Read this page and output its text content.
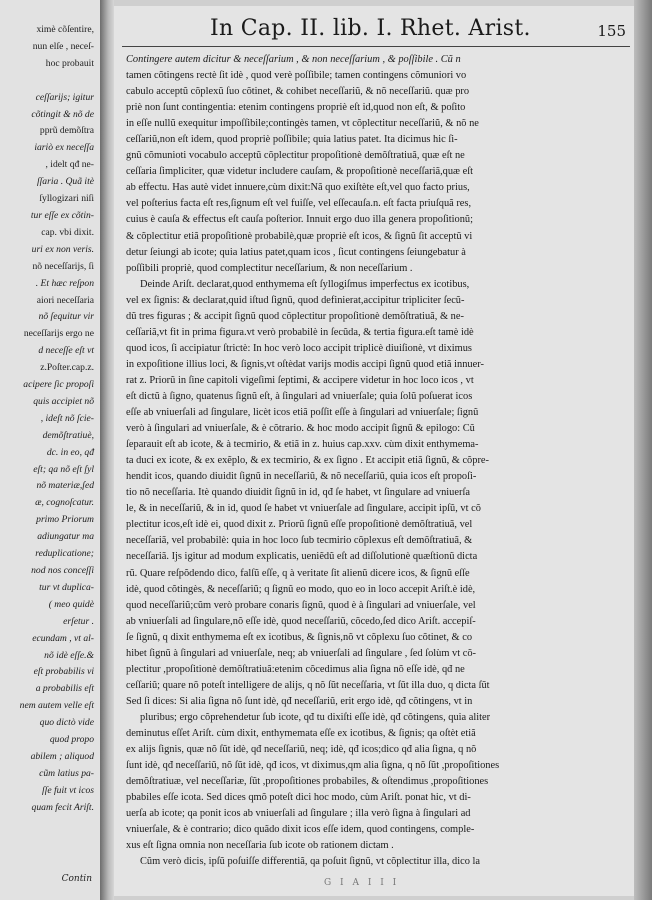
ximè cõſentire,
nun elſe , neceſ-
hoc probauit

ceſſarijs; igitur
cõtingit & nõ de
pprũ demõſtra
iariò ex neceſſa
, idelt qđ ne-
ſſaria . Quã itè
ſyllogizari niſi
tur eſſe ex cõtin-
cap. vbi dixit.
uri ex non veris.
nõ neceſſarijs, ſi
. Et hæc reſpon
aiori neceſſaria
nõ ſequitur vir
neceſſarijs ergo ne
d neceſſe eſt vt
z.Poſter.cap.z.
acipere ſic propoſi
quis accipiet nõ
, ideſt nõ ſcie-
demõſtratiuè,
dc. in eo, qđ
eſt; qa nõ eſt ſyl
nõ materiæ,ſed
æ, cognoſcatur.
primo Priorum
adiungatur ma
reduplicatione;
nod nos conceſſi
tur vt duplica-
( meo quidè
erſetur .
ecundam , vt al-
nõ idè eſſe.&
eſt probabilis vi
a probabilis eſt
nem autem velle eſt
quo dictò vide
quod propo
abilem ; aliquod
cũm latius pa-
ſſe fuit vt icos
quam fecit Ariſt.
Contin
In Cap. II. lib. I. Rhet. Arist.	155
Contingere autem dicitur & neceſſarium , & non neceſſarium , & poſſibile . Cũ n
tamen cõtingens rectè ſit idè , quod verè poſſibile; tamen contingens cõmuniori vo
cabulo acceptũ cõplexũ ſuo cõtinet, & cohibet neceſſariũ, & nõ neceſſariũ. quæ pro
priè non ſunt contingentia: etenim contingens propriè eſt id,quod non eſt, & poſito
in eſſe nullũ exequitur impoſſibile;contingès tamen, vt cõplectitur neceſſariũ, & nõ ne
ceſſariũ,non eſt idem, quod propriè poſſibile; quia latius patet. Ita dicimus hic ſi-
gnũ cõmunioti vocabulo acceptũ cõplectitur propoſitionè demõſtratiuã, quæ eſt ne
ceſſaria ſimpliciter, quæ videtur includere cauſam, & propoſitionè neceſſariã,quæ eſt
ab effectu. Has autè videt innuere,cùm dixit:Nã quo exiſtète eſt,vel quo facto prius,
vel poſterius facta eſt res,ſignum eſt vel fuiſſe, vel eſſecauſa.n. eſt facta priuſquã res,
cuius è cauſa & effectus eſt cauſa poſterior. Innuit ergo duo illa genera propoſitionũ;
& cõplectitur etiã propoſitionè probabilè,quæ propriè eſt icos, & ſignũ ſit acceptũ vi
detur ſeiungi ab icote; quia latius patet,quam icos , ſicut contingens ſeiungebatur à
poſſibili propriè, quod complectitur neceſſarium, & non neceſſarium .
Deinde Ariſt. declarat,quod enthymema eſt ſyllogiſmus imperfectus ex icotibus,
vel ex ſignis: & declarat,quid iſtud ſignũ, quod definierat,accipitur tripliciter ſecũ-
dũ tres figuras ; & accipit ſignũ quod cõplectitur propoſitionè demõſtratiuã, & ne-
ceſſariã,vt fit in prima figura.vt verò probabilè in ſecũda, & tertia figura.eſt tamè idè
quod icos, ſi accipiatur ſtrictè: In hoc verò loco accipit triplicè diuiſionè, vt diximus
in expoſitione illius loci, & ſignis,vt oſtèdat varijs modis accipi ſignũ quod etiã innuer-
rat z. Priorũ in ſine capitoli vigeſimi ſeptimi, & accipere videtur in hoc loco icos , vt
eſt dictũ à ſigno, quatenus ſignũ eſt, à ſingulari ad vniuerſale; quia ſolũ poſuerat icos
eſſe ab vniuerſali ad ſingulare, licèt icos etiã poſſit eſſe à ſingulari ad vniuerſale; ſignũ
verò à ſingulari ad vniuerſale, & è cõtrario. & hoc modo accipit ſignũ & epilogo: Cũ
ſeparauit eſt ab icote, & à tecmirio, & etiã in z. huius cap.xxv. cùm dixit enthymema-
ta duci ex icote, & ex exẽplo, & ex tecmirio, & ex ſigno . Et accipit etiã ſignũ, & cõpre-
hendit icos, quando diuidit ſignũ in neceſſariũ, & nõ neceſſariũ, quia icos eſt propoſi-
tio nõ neceſſaria. Itè quando diuidit ſignũ in id, qđ ſe habet, vt ſingulare ad vniuerſa
le, & in neceſſariũ, & in id, quod ſe habet vt vniuerſale ad ſingulare, accipit ipſũ, vt cõ
plectitur icos,eſt idè ei, quod dixit z. Priorũ ſignũ eſſe propoſitionè demõſtratiuã, vel
neceſſariã, vel probabilè: quia in hoc loco ſub tecmirio cõplexus eſt demõſtratiuã, &
neceſſariã. Ijs igitur ad modum explicatis, ueniẽdũ eſt ad diſſolutionè quæſtionũ dicta
rũ. Quare reſpõdendo dico, falſũ eſſe, q à veritate ſit alienũ dicere icos, & ſignũ eſſe
idè, quod cõtingès, & neceſſariũ; q ſignũ eo modo, quo eo in loco accepit Ariſt.è idè,
quod neceſſariũ;cũm verò probare conaris ſignũ, quod è à ſingulari ad vniuerſale, vel
ab vniuerſali ad ſingulare,nõ eſſe idè, quod neceſſariũ, cõcedo,ſed dico Ariſt. accepiſ-
ſe ſignũ, q dixit enthymema eſt ex icotibus, & ſignis,nõ vt cõplexu ſuo cõtinet, & co
hibet ſignũ à ſingulari ad vniuerſale, neq; ab vniuerſali ad ſingulare , ſed ſolùm vt cõ-
plectitur ,propoſitionè demõſtratiuã:etenim cõcedimus alia ſigna nõ eſſe idè, qđ ne
ceſſariũ; quare nõ poteſt intelligere de alijs, q nõ ſũt neceſſaria, vt ſũt illa duo, q dicta ſũt
Sed ſi dices: Si alia ſigna nõ ſunt idè, qđ neceſſariũ, erit ergo idè, qđ cõtingens, vt in
pluribus; ergo cõprehendetur ſub icote, qđ tu dixiſti eſſe idè, qđ cõtingens, quia aliter
deminutus eſſet Ariſt. cùm dixit, enthymemata eſſe ex icotibus, & ſignis; qa oſtèt etiã
ex alijs ſignis, quæ nõ ſũt idè, qđ neceſſariũ, neq; idè, qđ icos;dico qđ alia ſigna, q nõ
ſunt idè, qđ neceſſariũ, nõ ſũt idè, qđ icos, vt diximus,qm alia ſigna, q nõ ſũt ,propoſitiones
demõſtratiuæ, vel neceſſariæ, ſũt ,propoſitiones probabiles, & oſtendimus ,propoſitiones
pbabiles eſſe icota. Sed dices qmõ poteſt dici hoc modo, cùm Ariſt. ponat hic, vt di-
uerſa ab icote; qa ponit icos ab vniuerſali ad ſingulare ; illa verò ſigna à ſingulari ad
vniuerſale, & è contrario; dico quãdo dixit icos eſſe idem, quod contingens, comple-
xus eſt ſigna omnia non neceſſaria ſub icote ob rationem dictam .
Cũm verò dicis, ipſũ poſuiſſe differentiã, qa poſuit ſignũ, vt cõplectitur illa, dico la
G I A I I I
